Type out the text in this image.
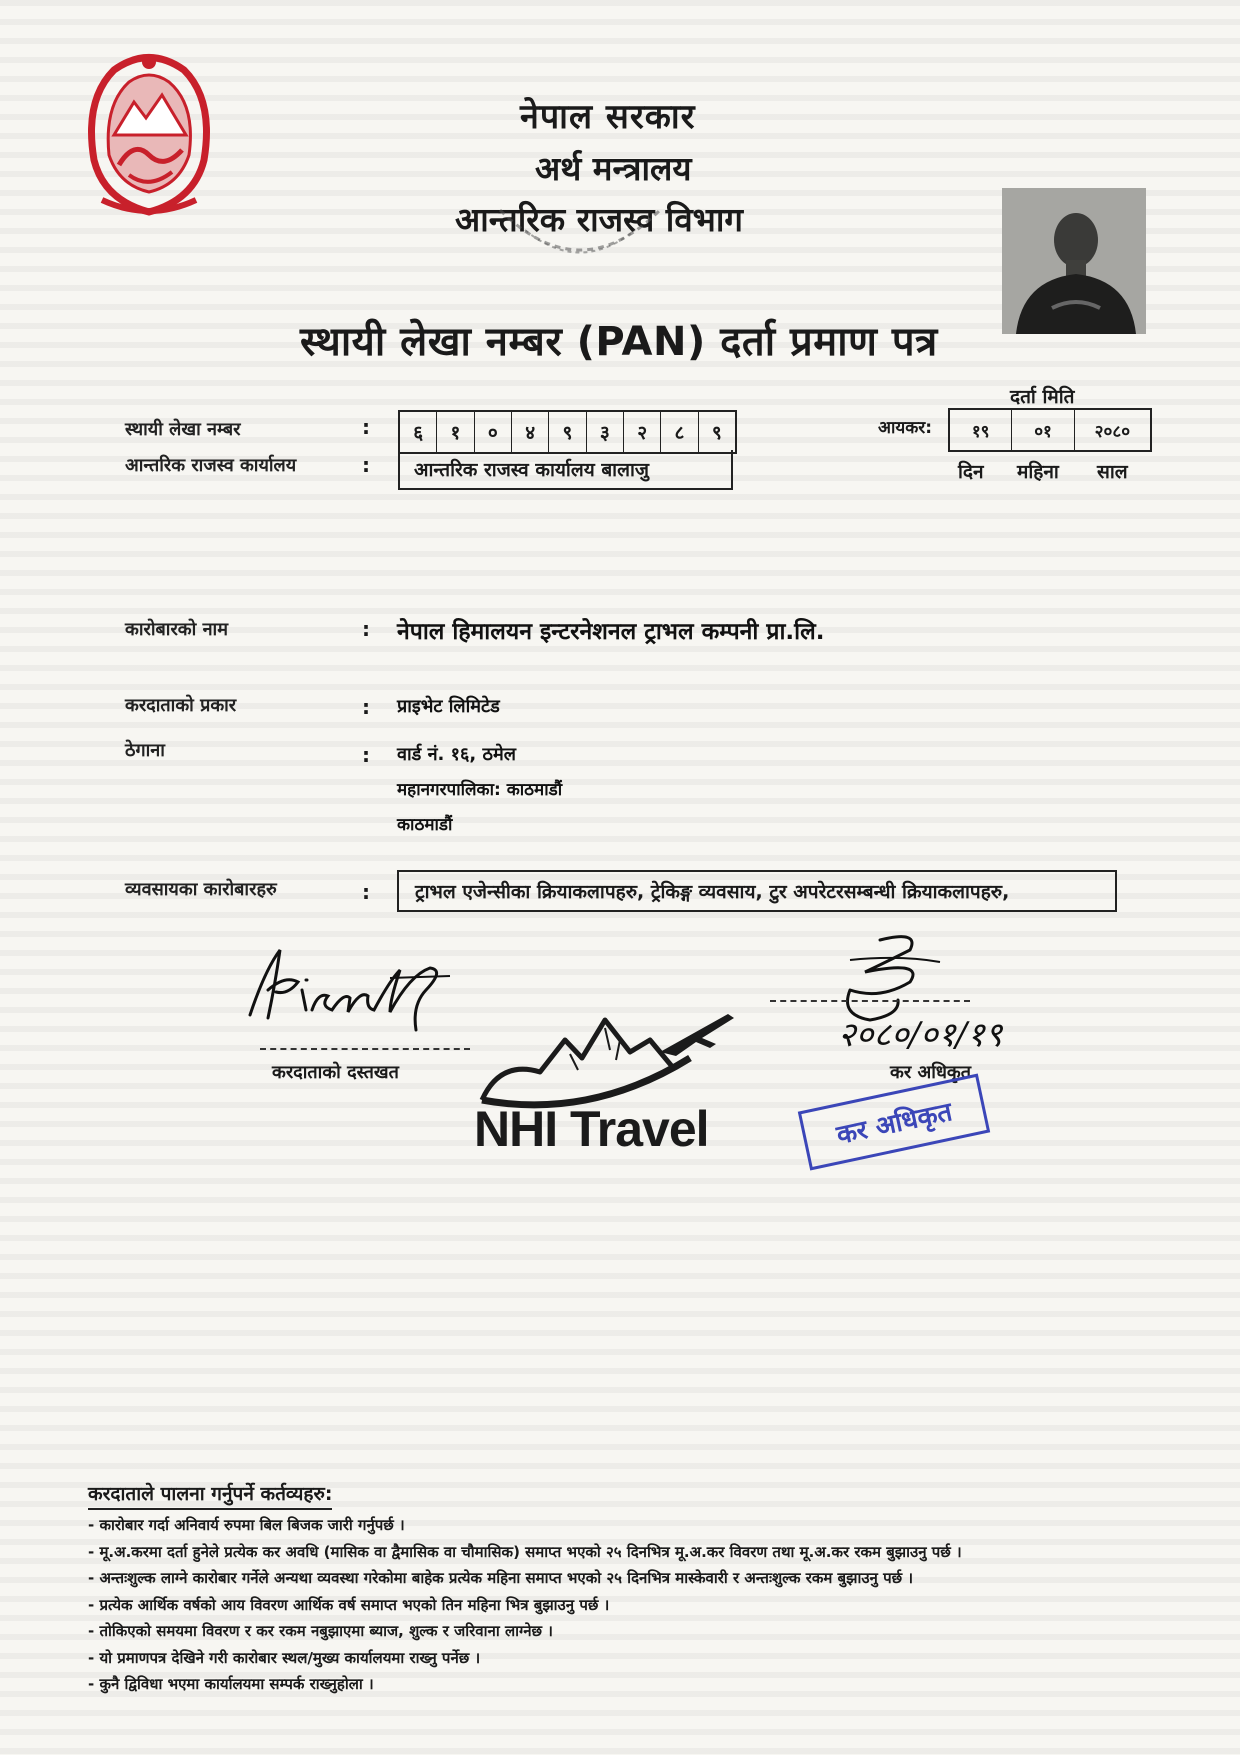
नेपाल सरकार
अर्थ मन्त्रालय
आन्तरिक राजस्व विभाग
स्थायी लेखा नम्बर (PAN) दर्ता प्रमाण पत्र
स्थायी लेखा नम्बर	:	६	१	०	४	९	३	२	८	९
आन्तरिक राजस्व कार्यालय	:	आन्तरिक राजस्व कार्यालय बालाजु
दर्ता मिति
आयकर:	१९	०१	२०८०
दिन महिना साल
कारोबारको नाम	: नेपाल हिमालयन इन्टरनेशनल ट्राभल कम्पनी प्रा.लि.
करदाताको प्रकार	: प्राइभेट लिमिटेड
ठेगाना	: वार्ड नं. १६, ठमेल
महानगरपालिका: काठमाडौं
काठमाडौं
व्यवसायका कारोबारहरु	:	ट्राभल एजेन्सीका क्रियाकलापहरु, ट्रेकिङ्ग व्यवसाय, टुर अपरेटरसम्बन्धी क्रियाकलापहरु,
करदाताको दस्तखत
NHI Travel
२०८०/०१/१९
कर अधिकृत
कर अधिकृत
करदाताले पालना गर्नुपर्ने कर्तव्यहरु:
- कारोबार गर्दा अनिवार्य रुपमा बिल बिजक जारी गर्नुपर्छ ।
- मू.अ.करमा दर्ता हुनेले प्रत्येक कर अवधि (मासिक वा द्वैमासिक वा चौमासिक) समाप्त भएको २५ दिनभित्र मू.अ.कर विवरण तथा मू.अ.कर रकम बुझाउनु पर्छ ।
- अन्तःशुल्क लाग्ने कारोबार गर्नेले अन्यथा व्यवस्था गरेकोमा बाहेक प्रत्येक महिना समाप्त भएको २५ दिनभित्र मास्केवारी र अन्तःशुल्क रकम बुझाउनु पर्छ ।
- प्रत्येक आर्थिक वर्षको आय विवरण आर्थिक वर्ष समाप्त भएको तिन महिना भित्र बुझाउनु पर्छ ।
- तोकिएको समयमा विवरण र कर रकम नबुझाएमा ब्याज, शुल्क र जरिवाना लाग्नेछ ।
- यो प्रमाणपत्र देखिने गरी कारोबार स्थल/मुख्य कार्यालयमा राख्नु पर्नेछ ।
- कुनै द्विविधा भएमा कार्यालयमा सम्पर्क राख्नुहोला ।
